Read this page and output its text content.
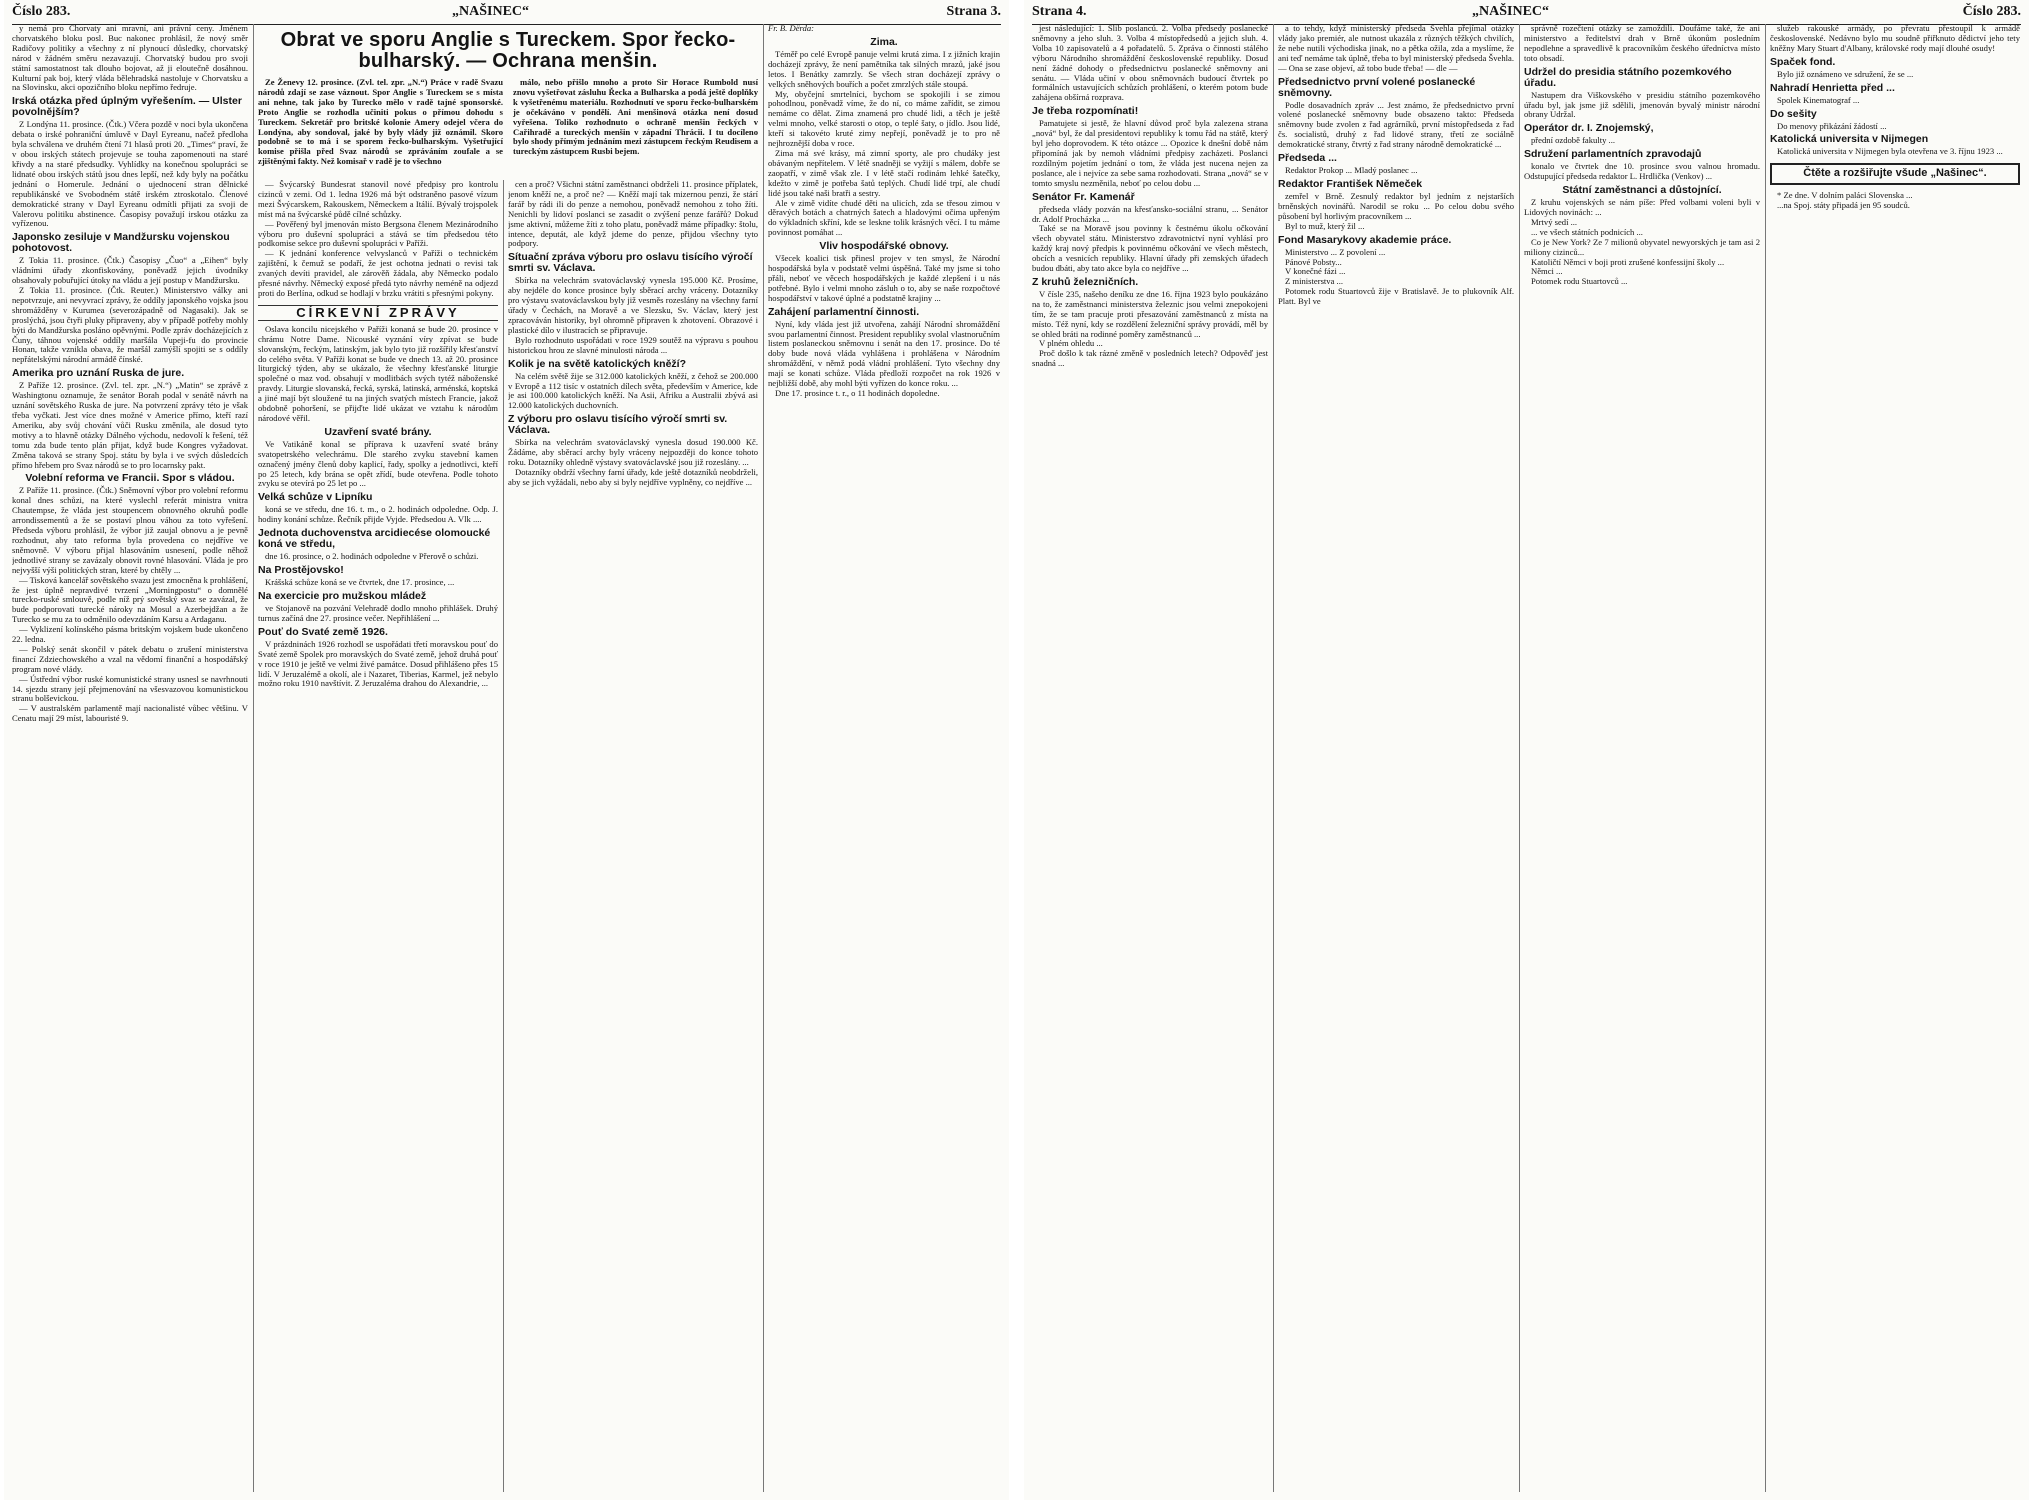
Číslo 283.	„NAŠINEC“	Strana 3.

y nemá pro Chorvaty ani mravní, ani právní ceny. Jménem chorvatského bloku posl. Buc nakonec prohlásil, že nový směr Radičovy politiky a všechny z ní plynoucí důsledky, chorvatský národ v žádném směru nezavazují. Chorvatský budou pro svoji státní samostatnost tak dlouho bojovat, až ji eloutečně dosáhnou. Kulturní pak boj, který vláda bělehradská nastoluje v Chorvatsku a na Slovinsku, akci opozičního bloku nepřímo ředruje.

Irská otázka před úplným vyřešením. — Ulster povolnějším?

Z Londýna 11. prosince. (Čtk.) Včera pozdě v noci byla ukončena debata o irské pohraniční úmluvě v Dayl Eyreanu, načež předloha byla schválena ve druhém čtení 71 hlasů proti 20. „Times“ praví, že v obou irských státech projevuje se touha zapomenouti na staré křivdy a na staré předsudky. Vyhlídky na konečnou spolupráci se lidnaté obou irských států jsou dnes lepší, než kdy byly na počátku jednání o Homerule. Jednání o ujednocení stran dělnické republikánské ve Svobodném státě irském ztroskotalo. Členové demokratické strany v Dayl Eyreanu odmítli přijati za svoji de Valerovu politiku abstinence. Časopisy považují irskou otázku za vyřízenou.

Japonsko zesiluje v Mandžursku vojenskou pohotovost.

Z Tokia 11. prosince. (Čtk.) Časopisy „Čuo“ a „Eihen“ byly vládními úřady zkonfiskovány, poněvadž jejich úvodníky obsahovaly pobuřující útoky na vládu a její postup v Mandžursku.

Z Tokia 11. prosince. (Čtk. Reuter.) Ministerstvo války ani nepotvrzuje, ani nevyvrací zprávy, že oddíly japonského vojska jsou shromážděny v Kurumea (severozápadně od Nagasaki). Jak se proslýchá, jsou čtyři pluky připraveny, aby v případě potřeby mohly býti do Mandžurska posláno opěvnými. Podle zpráv docházejících z Čuny, táhnou vojenské oddíly maršála Vupeji-fu do provincie Honan, takže vznikla obava, že maršál zamýšlí spojiti se s oddíly nepřátelskými národní armádě čínské.

Amerika pro uznání Ruska de jure.

Z Paříže 12. prosince. (Zvl. tel. zpr. „N.“) „Matin“ se zprávě z Washingtonu oznamuje, že senátor Borah podal v senátě návrh na uznání sovětského Ruska de jure. Na potvrzení zprávy této je však třeba vyčkati. Jest více dnes možné v Americe přímo, kteří razí Ameriku, aby svůj chování vůči Rusku změnila, ale dosud tyto motivy a to hlavně otázky Dálného východu, nedovolí k řešení, též tomu zda bude tento plán přijat, když bude Kongres vyžadovat. Změna taková se strany Spoj. státu by byla i ve svých důsledcích přímo hřebem pro Svaz národů se to pro locarnsky pakt.

Volební reforma ve Francii. Spor s vládou.

Z Paříže 11. prosince. (Čtk.) Sněmovní výbor pro volební reformu konal dnes schůzi, na které vyslechl referát ministra vnitra Chautempse, že vláda jest stoupencem obnovného okruhů podle arrondissementů a že se postaví plnou váhou za toto vyřešení. Předseda výboru prohlásil, že výbor již zaujal obnovu a je pevně rozhodnut, aby tato reforma byla provedena co nejdříve ve sněmovně. V výboru přijal hlasováním usnesení, podle něhož jednotlivé strany se zavázaly obnovit rovné hlasování. Vláda je pro nejvyšší výši politických stran, které by chtěly ...

— Tisková kancelář sovětského svazu jest zmocněna k prohlášení, že jest úplně nepravdivé tvrzení „Morningpostu“ o domnělé turecko-ruské smlouvě, podle níž prý sovětský svaz se zavázal, že bude podporovati turecké nároky na Mosul a Azerbejdžan a že Turecko se mu za to odměnilo odevzdáním Karsu a Ardaganu.

— Vyklizení kolínského pásma britským vojskem bude ukončeno 22. ledna.

— Polský senát skončil v pátek debatu o zrušení ministerstva financí Zdziechowského a vzal na vědomí finanční a hospodářský program nové vlády.

— Ústřední výbor ruské komunistické strany usnesl se navrhnouti 14. sjezdu strany její přejmenování na všesvazovou komunistickou stranu bolševickou.

— V australském parlamentě mají nacionalisté vůbec většinu. V Cenatu mají 29 míst, labouristé 9.

Obrat ve sporu Anglie s Tureckem. Spor řecko-bulharský. — Ochrana menšin.

Ze Ženevy 12. prosince. (Zvl. tel. zpr. „N.“) Práce v radě Svazu národů zdají se zase váznout. Spor Anglie s Tureckem se s místa ani nehne, tak jako by Turecko mělo v radě tajné sponsorské. Proto Anglie se rozhodla učiniti pokus o přímou dohodu s Tureckem. Sekretář pro britské kolonie Amery odejel včera do Londýna, aby sondoval, jaké by byly vlády již oznámil. Skoro podobně se to má i se sporem řecko-bulharským. Vyšetřující komise přišla před Svaz národů se zpráváním zoufale a se zjištěnými fakty. Než komisař v radě je to všechno

málo, nebo přišlo mnoho a proto Sir Horace Rumbold nusí znovu vyšetřovat zásluhu Řecka a Bulharska a podá ještě doplňky k vyšetřenému materiálu. Rozhodnutí ve sporu řecko-bulharském je očekáváno v pondělí. Ani menšinová otázka není dosud vyřešena. Toliko rozhodnuto o ochraně menšin řeckých v Cařihradě a tureckých menšin v západní Thrácii. I tu docíleno bylo shody přímým jednáním mezi zástupcem řeckým Reudisem a tureckým zástupcem Rusbi bejem.

— Švýcarský Bundesrat stanovil nové předpisy pro kontrolu cizinců v zemi. Od 1. ledna 1926 má být odstraněno pasové vízum mezi Švýcarskem, Rakouskem, Německem a Itálií. Bývalý trojspolek míst má na švýcarské půdě cílné schůzky.

— Pověřený byl jmenován místo Bergsona členem Mezinárodního výboru pro duševní spolupráci a stává se tím předsedou této podkomise sekce pro duševní spolupráci v Paříži.

— K jednání konference velvyslanců v Paříži o technickém zajištění, k čemuž se podaří, že jest ochotna jednati o revisi tak zvaných devíti pravidel, ale zárověň žádala, aby Německo podalo přesné návrhy. Německý exposé předá tyto návrhy neméně na odjezd proti do Berlína, odkud se hodlají v brzku vrátiti s přesnými pokyny.

CÍRKEVNÍ ZPRÁVY

Oslava koncilu nicejského v Paříži konaná se bude 20. prosince v chrámu Notre Dame. Nicouské vyznání víry zpívat se bude slovanským, řeckým, latinským, jak bylo tyto již rozšířily křesťanství do celého světa. V Paříži konat se bude ve dnech 13. až 20. prosince liturgický týden, aby se ukázalo, že všechny křesťanské liturgie společné o maz vod. obsahují v modlitbách svých tytéž náboženské pravdy. Liturgie slovanská, řecká, syrská, latinská, arménská, koptská a jiné mají být sloužené tu na jiných svatých místech Francie, jakož obdobně pohoršení, se přijďte lidé ukázat ve vztahu k národům národové věřil.

Uzavření svaté brány.

Ve Vatikáně konal se příprava k uzavření svaté brány svatopetrského velechrámu. Dle starého zvyku stavební kamen označený jmény členů doby kaplicí, řady, spolky a jednotlivci, kteří po 25 letech, kdy brána se opět zřídí, bude otevřena. Podle tohoto zvyku se otevírá po 25 let po ...

Velká schůze v Lipníku

koná se ve středu, dne 16. t. m., o 2. hodinách odpoledne. Odp. J. hodiny konání schůze. Řečník přijde Vyjde. Předsedou A. Vlk ....

Jednota duchovenstva arcidiecése olomoucké koná ve středu,

dne 16. prosince, o 2. hodinách odpoledne v Přerově o schůzi.

Na Prostějovsko!

Krášská schůze koná se ve čtvrtek, dne 17. prosince, ...

Na exercicie pro mužskou mládež

ve Stojanově na pozvání Velehradě dodlo mnoho přihlášek. Druhý turnus začíná dne 27. prosince večer. Nepřihlášení ...

Pouť do Svaté země 1926.

V prázdninách 1926 rozhodl se uspořádati třetí moravskou pouť do Svaté země Spolek pro moravských do Svaté země, jehož druhá pouť v roce 1910 je ještě ve velmi živé památce. Dosud přihlášeno přes 15 lidí. V Jeruzalémě a okolí, ale i Nazaret, Tiberias, Karmel, jež nebylo možno roku 1910 navštívit. Z Jeruzaléma drahou do Alexandrie, ...

cen a proč? Všichni státní zaměstnanci obdrželi 11. prosince příplatek, jenom kněží ne, a proč ne? — Kněží mají tak mizernou penzi, že stárí farář by rádi ili do penze a nemohou, poněvadž nemohou z toho žíti. Nenichli by lidoví poslanci se zasadit o zvýšení penze farářů? Dokud jsme aktivní, můžeme žíti z toho platu, poněvadž máme případky: štolu, intence, deputát, ale když jdeme do penze, přijdou všechny tyto podpory.

Sítuační zpráva výboru pro oslavu tisícího výročí smrti sv. Václava.

Sbírka na velechrám svatováclavský vynesla 195.000 Kč. Prosíme, aby nejdéle do konce prosince byly sběrací archy vráceny. Dotazníky pro výstavu svatováclavskou byly již vesměs rozeslány na všechny farní úřady v Čechách, na Moravě a ve Slezsku, Sv. Václav, který jest zpracováván historiky, byl ohromně připraven k zhotovení. Obrazové i plastické dílo v ilustracích se připravuje.

Bylo rozhodnuto uspořádati v roce 1929 soutěž na výpravu s pouhou historickou hrou ze slavné minulosti národa ...

Kolik je na světě katolických kněží?

Na celém světě žije se 312.000 katolických kněží, z čehož se 200.000 v Evropě a 112 tisíc v ostatních dílech světa, především v Americe, kde je asi 100.000 katolických kněží. Na Asii, Afriku a Australii zbývá asi 12.000 katolických duchovních.

Z výboru pro oslavu tisícího výročí smrti sv. Václava.

Sbírka na velechrám svatováclavský vynesla dosud 190.000 Kč. Žádáme, aby sběrací archy byly vráceny nejpozději do konce tohoto roku. Dotazníky ohledně výstavy svatováclavské jsou již rozeslány. ...

Dotazníky obdrží všechny farní úřady, kde ještě dotazníků neobdrželi, aby se jich vyžádali, nebo aby si byly nejdříve vyplněny, co nejdříve ...

Fr. B. Dërda:

Zima.

Téměř po celé Evropě panuje velmi krutá zima. I z jižních krajin docházejí zprávy, že není pamětníka tak silných mrazů, jaké jsou letos. I Benátky zamrzly. Se všech stran docházejí zprávy o velkých sněhových bouřích a počet zmrzlých stále stoupá.

My, obyčejní smrtelníci, bychom se spokojili i se zimou pohodlnou, poněvadž víme, že do ní, co máme zařídit, se zimou nemáme co dělat. Zima znamená pro chudé lidi, a těch je ještě velmi mnoho, velké starosti o otop, o teplé šaty, o jídlo. Jsou lidé, kteří si takovéto kruté zimy nepřejí, poněvadž je to pro ně nejhroznější doba v roce.

Zima má své krásy, má zimní sporty, ale pro chudáky jest obávaným nepřítelem. V létě snadněji se vyžijí s málem, dobře se zaopatří, v zimě však zle. I v létě stačí rodinám lehké šatečky, kdežto v zimě je potřeba šatů teplých. Chudí lidé trpí, ale chudí lidé jsou také naši bratři a sestry.

Ale v zimě vidíte chudé děti na ulicích, zda se třesou zimou v děravých botách a chatrných šatech a hladovými očima upřeným do výkladních skříní, kde se leskne tolik krásných věcí. I tu máme povinnost pomáhat ...

Vliv hospodářské obnovy.

Všecek koalici tisk přinesl projev v ten smysl, že Národní hospodářská byla v podstatě velmi úspěšná. Také my jsme si toho přáli, neboť ve věcech hospodářských je každé zlepšení i u nás potřebné. Bylo i velmi mnoho zásluh o to, aby se naše rozpočtové hospodářství v takové úplné a podstatně krajiny ...

Zahájení parlamentní činnosti.

Nyní, kdy vláda jest již utvořena, zahájí Národní shromáždění svou parlamentní činnost. President republiky svolal vlastnoručním listem poslaneckou sněmovnu i senát na den 17. prosince. Do té doby bude nová vláda vyhlášena i prohlášena v Národním shromáždění, v němž podá vládní prohlášení. Tyto všechny dny mají se konati schůze. Vláda předloží rozpočet na rok 1926 v nejbližší době, aby mohl býti vyřízen do konce roku. ...

Dne 17. prosince t. r., o 11 hodinách dopoledne.

Strana 4.	„NAŠINEC“	Číslo 283.

jest následující: 1. Slib poslanců. 2. Volba předsedy poslanecké sněmovny a jeho sluh. 3. Volba 4 místopředsedů a jejich sluh. 4. Volba 10 zapisovatelů a 4 pořadatelů. 5. Zpráva o činnosti stálého výboru Národního shromáždění československé republiky. Dosud není žádné dohody o předsednictvu poslanecké sněmovny ani senátu. — Vláda učiní v obou sněmovnách budoucí čtvrtek po formálních ustavujících schůzích prohlášení, o kterém potom bude zahájena obšírná rozprava.

Je třeba rozpomínati!

Pamatujete si jestě, že hlavní důvod proč byla zalezena strana „nová“ byl, že dal presidentovi republiky k tomu řád na státě, který byl jeho doprovodem. K této otázce ... Opozice k dnešní době nám připomíná jak by nemoh vládními předpisy zacházeti. Poslanci rozdílným pojetím jednání o tom, že vláda jest nucena nejen za poslance, ale i nejvíce za sebe sama rozhodovati. Strana „nová“ se v tomto smyslu nezměnila, neboť po celou dobu ...

Senátor Fr. Kamenář

předseda vlády pozván na křesťansko-sociální stranu, ... Senátor dr. Adolf Procházka ...

Také se na Moravě jsou povinny k čestnému úkolu očkování všech obyvatel státu. Ministerstvo zdravotnictví nyní vyhlásí pro každý kraj nový předpis k povinnému očkování ve všech městech, obcích a vesnicích republiky. Hlavní úřady při zemských úřadech budou dbáti, aby tato akce byla co nejdříve ...

Z kruhů železničních.

V čísle 235, našeho deníku ze dne 16. října 1923 bylo poukázáno na to, že zaměstnanci ministerstva železnic jsou velmi znepokojeni tím, že se tam pracuje proti přesazování zaměstnanců z místa na místo. Též nyní, kdy se rozdělení železniční správy provádí, měl by se ohled bráti na rodinné poměry zaměstnanců ...

V plném ohledu ...

Proč došlo k tak rázné změně v posledních letech? Odpověď jest snadná ...

a to tehdy, když ministerský předseda Švehla přejímal otázky vlády jako premiér, ale nutnost ukazála z různých těžkých chvilích, že nebe nutili východiska jinak, no a pětka ožila, zda a myslíme, že ani teď nemáme tak úplně, třeba to byl ministerský předseda Švehla. — Ona se zase objeví, až tobo bude třeba! — dle —

Předsednictvo první volené poslanecké sněmovny.

Podle dosavadních zpráv ... Jest známo, že předsednictvo první volené poslanecké sněmovny bude obsazeno takto: Předseda sněmovny bude zvolen z řad agrárníků, první místopředseda z řad čs. socialistů, druhý z řad lidové strany, třetí ze sociálně demokratické strany, čtvrtý z řad strany národně demokratické ...

Předseda ...

Redaktor Prokop ... Mladý poslanec ...

Redaktor František Němeček

zemřel v Brně. Zesnulý redaktor byl jedním z nejstarších brněnských novinářů. Narodil se roku ... Po celou dobu svého působení byl horlivým pracovníkem ...

Byl to muž, který žil ...

Fond Masarykovy akademie práce.

Ministerstvo ... Z povolení ...

Pánové Pobsty...

V konečné fázi ...

Z ministerstva ...

Potomek rodu Stuartovců žije v Bratislavě. Je to plukovník Alf. Platt. Byl ve

správně rozečtení otázky se zamoždili. Doufáme také, že ani ministerstvo a ředitelství drah v Brně úkonům posledním nepodlehne a spravedlivě k pracovníkům českého úředníctva místo toto obsadí.

Udržel do presidia státního pozemkového úřadu.

Nastupem dra Viškovského v presidiu státního pozemkového úřadu byl, jak jsme již sdělili, jmenován byvalý ministr národní obrany Udržal.

Operátor dr. I. Znojemský,

přední ozdobě fakulty ...

Sdružení parlamentních zpravodajů

konalo ve čtvrtek dne 10. prosince svou valnou hromadu. Odstupující předseda redaktor L. Hrdlička (Venkov) ...

Státní zaměstnanci a důstojnící.

Z kruhu vojenských se nám píše: Před volbami voleni byli v Lidových novinách: ...

Mrtvý sedí ...

... ve všech státních podnicích ...

Co je New York? Ze 7 milionů obyvatel newyorských je tam asi 2 miliony cizinců...

Katoličtí Němci v boji proti zrušené konfessijní školy ...

Němci ...

Potomek rodu Stuartovců ...

služeb rakouské armády, po převratu přestoupil k armádě československé. Nedávno bylo mu soudně přiřknuto dědictví jeho tety kněžny Mary Stuart d'Albany, královské rody mají dlouhé osudy!

Spaček fond.

Bylo již oznámeno ve sdružení, že se ...

Nahradí Henrietta před ...

Spolek Kinematograf ...

Do sešity

Do menovy přikázání žádostí ...

Katolická universita v Nijmegen

Katolická universita v Nijmegen byla otevřena ve 3. říjnu 1923 ...

Čtěte a rozšiřujte všude „Našinec“.

* Ze dne. V dolním paláci Slovenska ...

...na Spoj. státy připadá jen 95 soudců.
